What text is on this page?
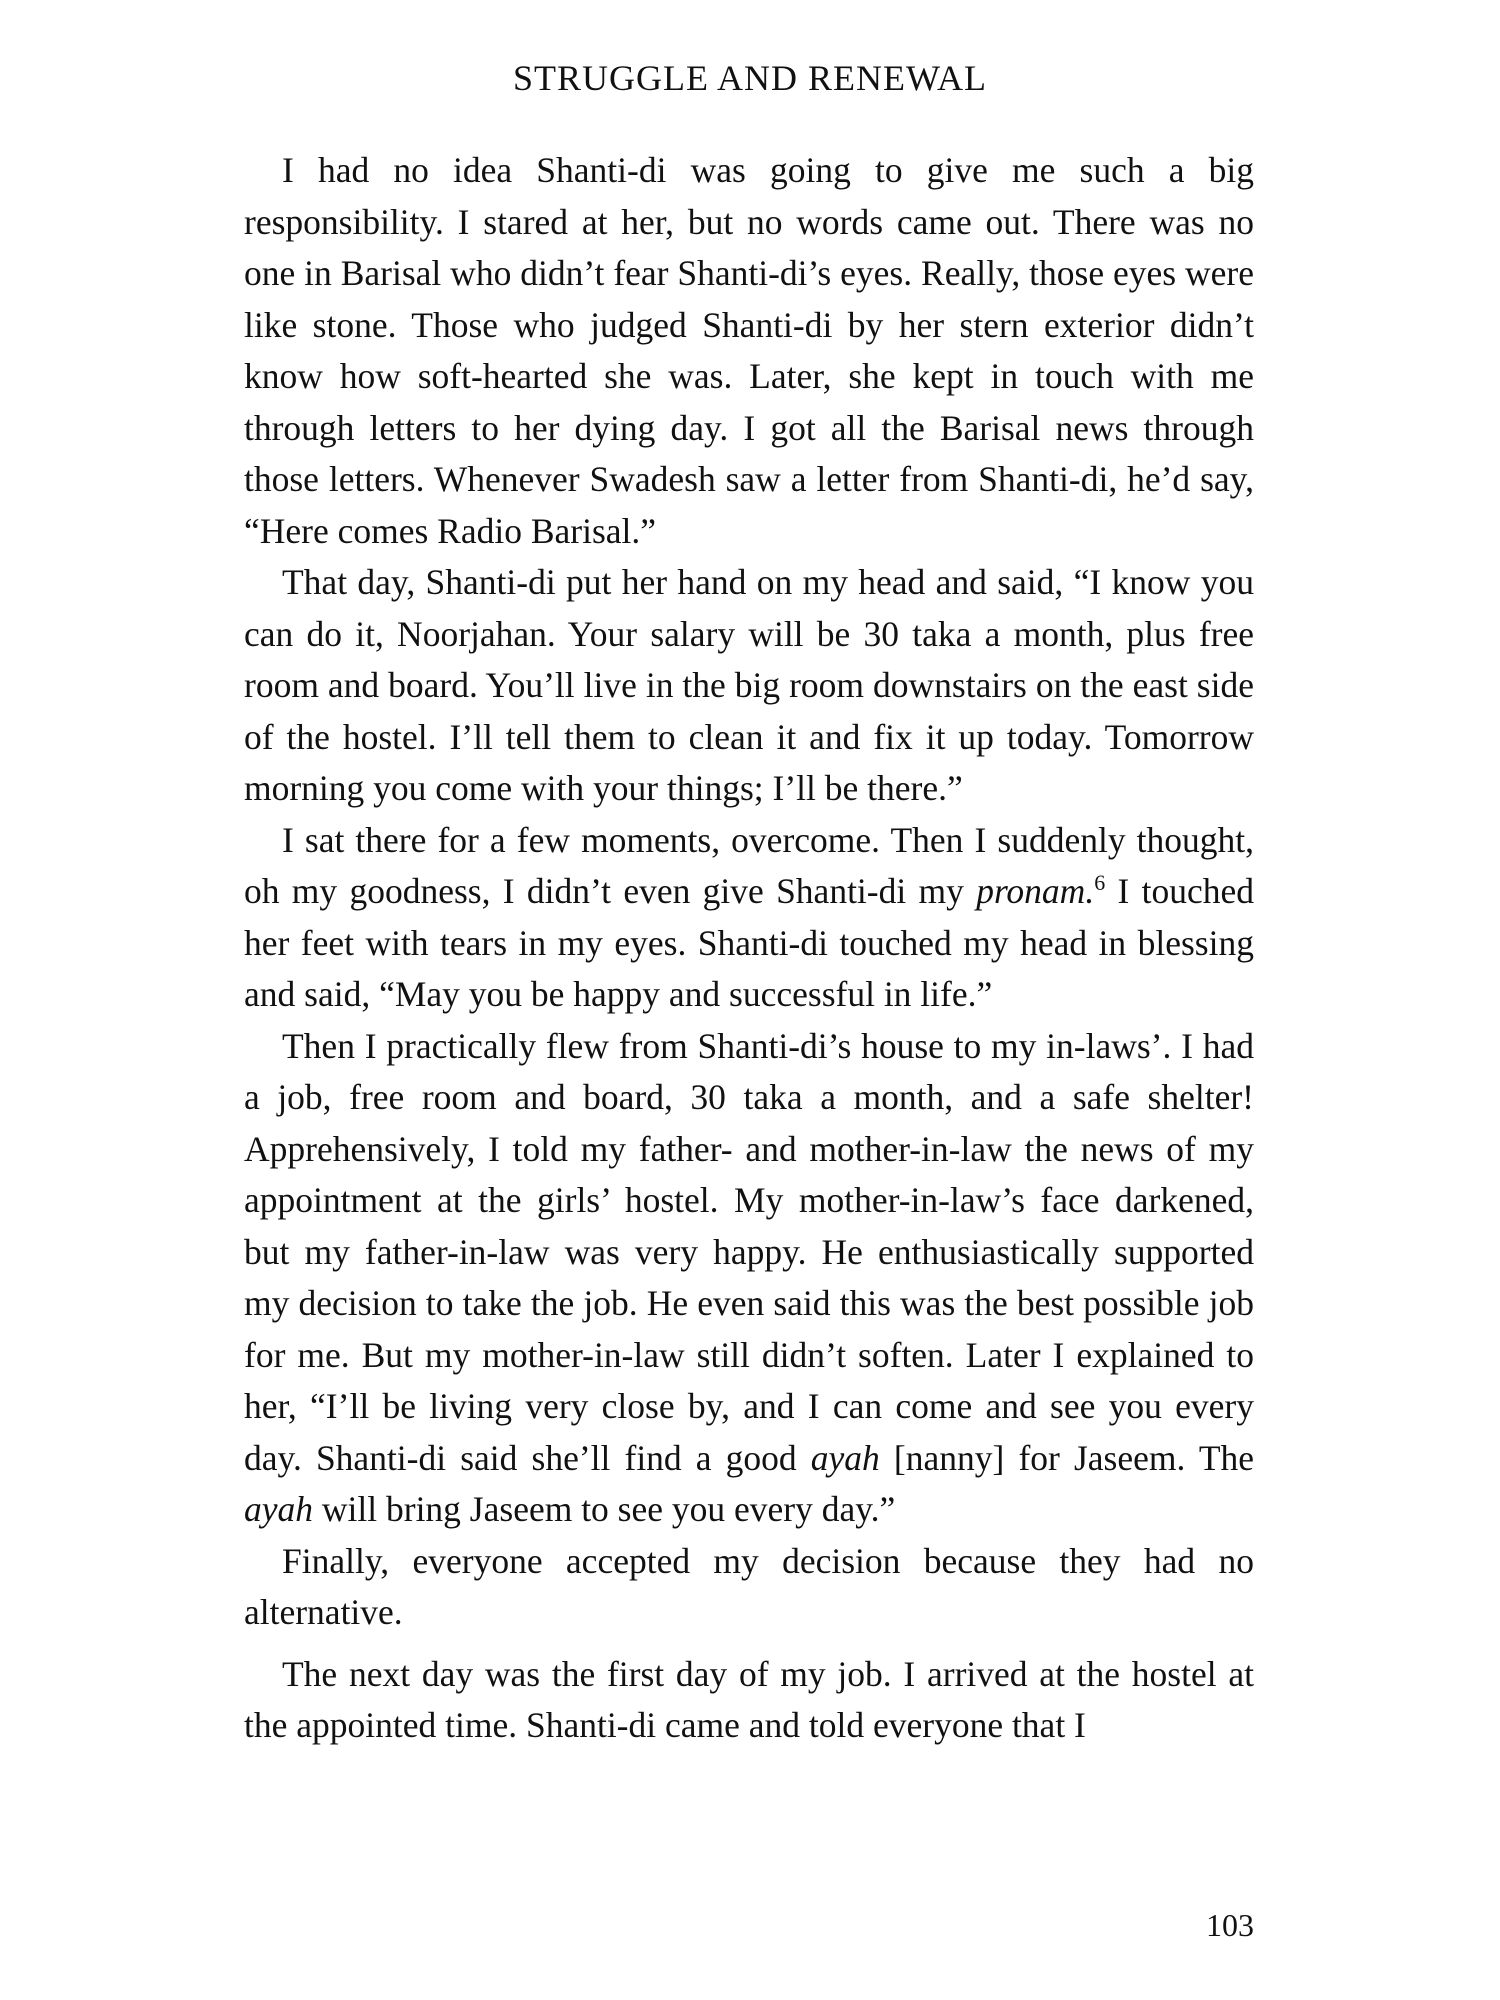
STRUGGLE AND RENEWAL

I had no idea Shanti-di was going to give me such a big responsibility. I stared at her, but no words came out. There was no one in Barisal who didn’t fear Shanti-di’s eyes. Really, those eyes were like stone. Those who judged Shanti-di by her stern exterior didn’t know how soft-hearted she was. Later, she kept in touch with me through letters to her dying day. I got all the Barisal news through those letters. Whenever Swadesh saw a letter from Shanti-di, he’d say, “Here comes Radio Barisal.”

That day, Shanti-di put her hand on my head and said, “I know you can do it, Noorjahan. Your salary will be 30 taka a month, plus free room and board. You’ll live in the big room downstairs on the east side of the hostel. I’ll tell them to clean it and fix it up today. Tomorrow morning you come with your things; I’ll be there.”

I sat there for a few moments, overcome. Then I suddenly thought, oh my goodness, I didn’t even give Shanti-di my pronam.$^6$ I touched her feet with tears in my eyes. Shanti-di touched my head in blessing and said, “May you be happy and successful in life.”

Then I practically flew from Shanti-di’s house to my in-laws’. I had a job, free room and board, 30 taka a month, and a safe shelter! Apprehensively, I told my father- and mother-in-law the news of my appointment at the girls’ hostel. My mother-in-law’s face darkened, but my father-in-law was very happy. He enthusiastically supported my decision to take the job. He even said this was the best possible job for me. But my mother-in-law still didn’t soften. Later I explained to her, “I’ll be living very close by, and I can come and see you every day. Shanti-di said she’ll find a good ayah [nanny] for Jaseem. The ayah will bring Jaseem to see you every day.”

Finally, everyone accepted my decision because they had no alternative.

The next day was the first day of my job. I arrived at the hostel at the appointed time. Shanti-di came and told everyone that I

103
